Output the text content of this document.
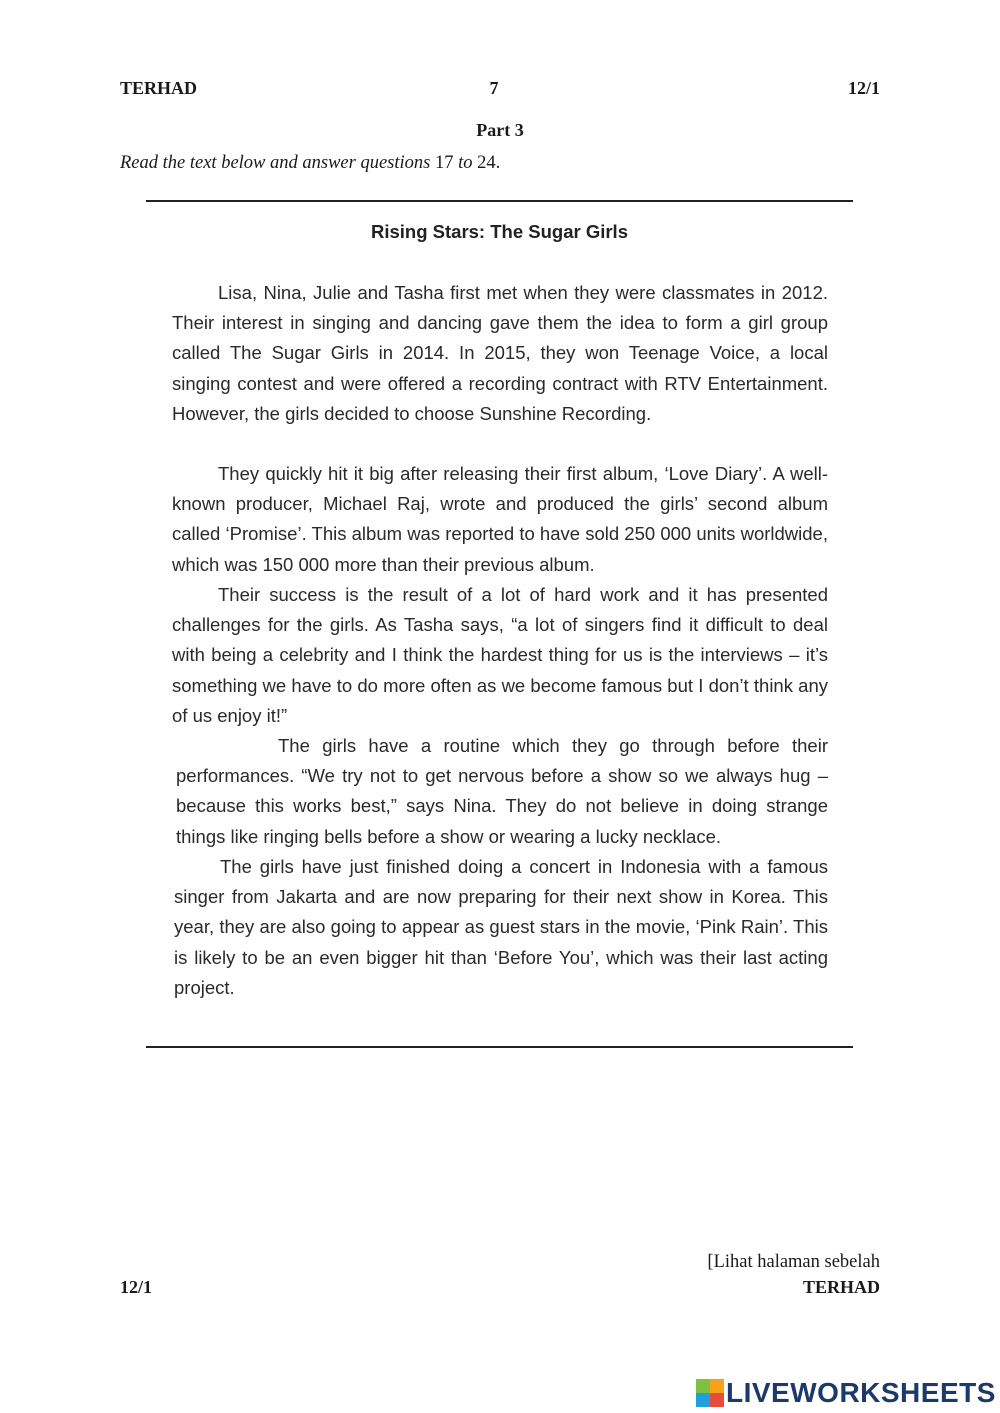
TERHAD	7	12/1
Part 3
Read the text below and answer questions 17 to 24.
Rising Stars: The Sugar Girls

Lisa, Nina, Julie and Tasha first met when they were classmates in 2012. Their interest in singing and dancing gave them the idea to form a girl group called The Sugar Girls in 2014. In 2015, they won Teenage Voice, a local singing contest and were offered a recording contract with RTV Entertainment. However, the girls decided to choose Sunshine Recording.

They quickly hit it big after releasing their first album, ‘Love Diary’. A well-known producer, Michael Raj, wrote and produced the girls’ second album called ‘Promise’. This album was reported to have sold 250 000 units worldwide, which was 150 000 more than their previous album.

Their success is the result of a lot of hard work and it has presented challenges for the girls. As Tasha says, “a lot of singers find it difficult to deal with being a celebrity and I think the hardest thing for us is the interviews – it’s something we have to do more often as we become famous but I don’t think any of us enjoy it!”

The girls have a routine which they go through before their performances. “We try not to get nervous before a show so we always hug – because this works best,” says Nina. They do not believe in doing strange things like ringing bells before a show or wearing a lucky necklace.

The girls have just finished doing a concert in Indonesia with a famous singer from Jakarta and are now preparing for their next show in Korea. This year, they are also going to appear as guest stars in the movie, ‘Pink Rain’. This is likely to be an even bigger hit than ‘Before You’, which was their last acting project.

[Lihat halaman sebelah
12/1	TERHAD
LIVEWORKSHEETS
